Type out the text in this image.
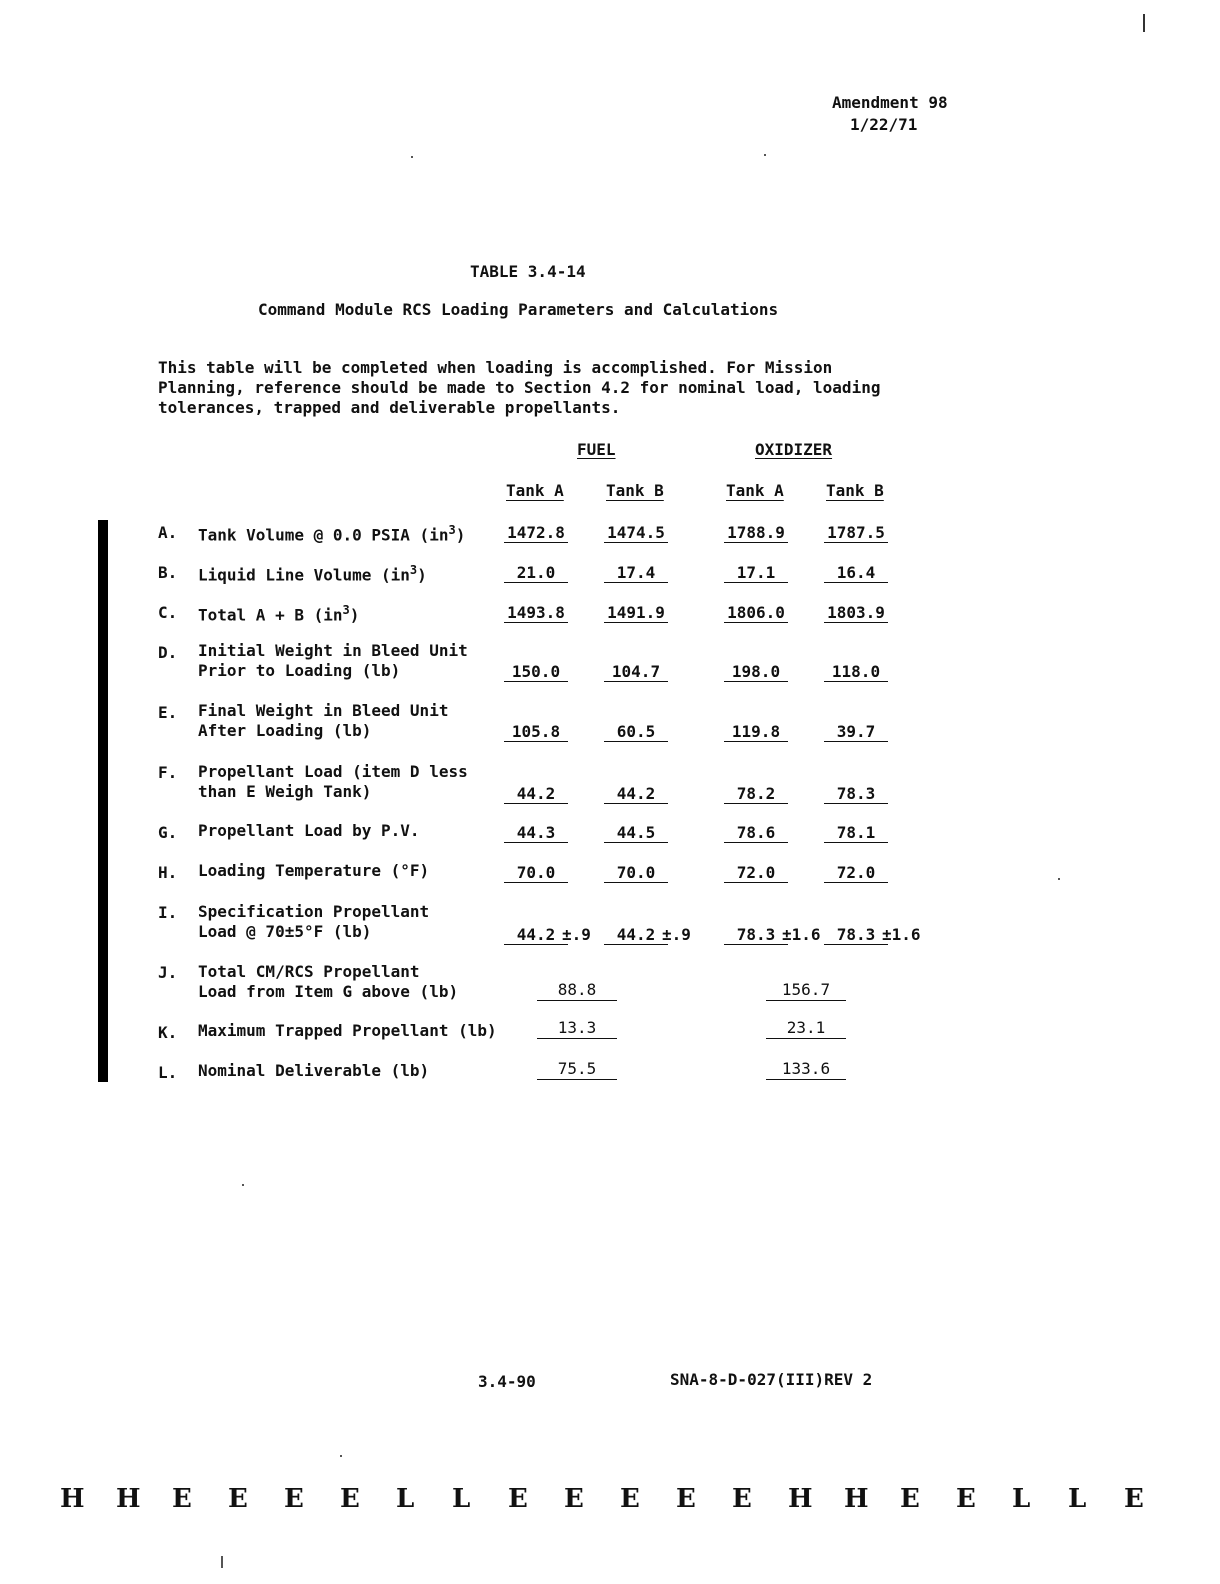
Amendment 98
1/22/71
TABLE 3.4-14
Command Module RCS Loading Parameters and Calculations
This table will be completed when loading is accomplished. For Mission
Planning, reference should be made to Section 4.2 for nominal load, loading
tolerances, trapped and deliverable propellants.
FUEL	OXIDIZER
Tank A	Tank B	Tank A	Tank B
A. Tank Volume @ 0.0 PSIA $(in^3)$	1472.8	1474.5	1788.9	1787.5
B. Liquid Line Volume $(in^3)$	21.0	17.4	17.1	16.4
C. Total A + B $(in^3)$	1493.8	1491.9	1806.0	1803.9
D. Initial Weight in Bleed Unit
Prior to Loading (lb)	150.0	104.7	198.0	118.0
E. Final Weight in Bleed Unit
After Loading (lb)	105.8	60.5	119.8	39.7
F. Propellant Load (item D less
than E Weigh Tank)	44.2	44.2	78.2	78.3
G. Propellant Load by P.V.	44.3	44.5	78.6	78.1
H. Loading Temperature (°F)	70.0	70.0	72.0	72.0
I. Specification Propellant
Load @ 70±5°F (lb)	44.2 ±.9	44.2 ±.9	78.3 ±1.6	78.3 ±1.6
J. Total CM/RCS Propellant
Load from Item G above (lb)	88.8	156.7
K. Maximum Trapped Propellant (lb)	13.3	23.1
L. Nominal Deliverable (lb)	75.5	133.6
3.4-90	SNA-8-D-027(III)REV 2
H H E E E E L L E E E E E H H E E L L E
